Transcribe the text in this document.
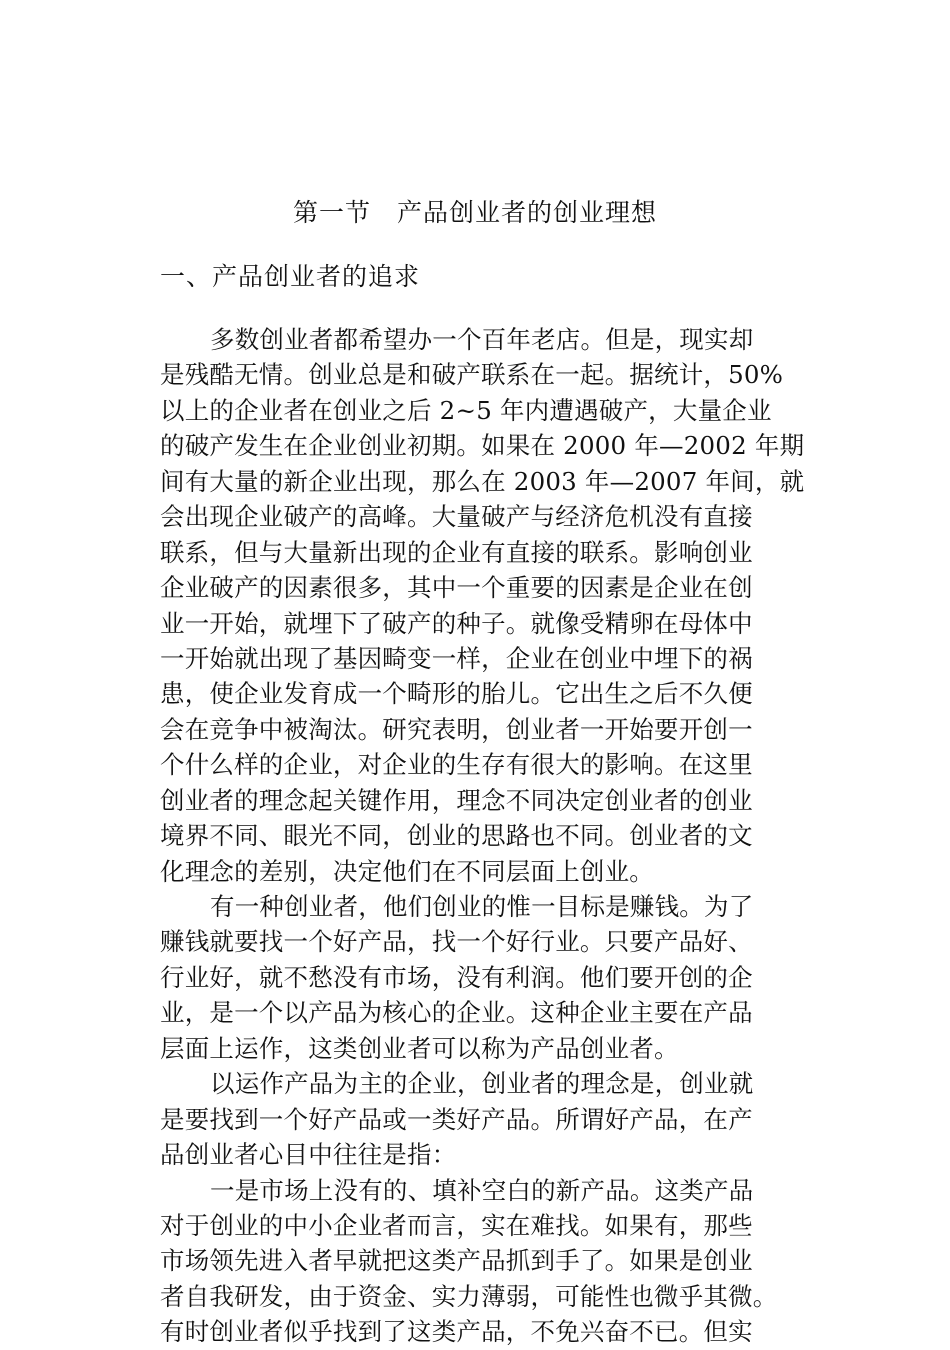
第一节　产品创业者的创业理想
一、产品创业者的追求
多数创业者都希望办一个百年老店。但是，现实却
是残酷无情。创业总是和破产联系在一起。据统计，50%
以上的企业者在创业之后 2~5 年内遭遇破产，大量企业
的破产发生在企业创业初期。如果在 2000 年—2002 年期
间有大量的新企业出现，那么在 2003 年—2007 年间，就
会出现企业破产的高峰。大量破产与经济危机没有直接
联系，但与大量新出现的企业有直接的联系。影响创业
企业破产的因素很多，其中一个重要的因素是企业在创
业一开始，就埋下了破产的种子。就像受精卵在母体中
一开始就出现了基因畸变一样，企业在创业中埋下的祸
患，使企业发育成一个畸形的胎儿。它出生之后不久便
会在竞争中被淘汰。研究表明，创业者一开始要开创一
个什么样的企业，对企业的生存有很大的影响。在这里
创业者的理念起关键作用，理念不同决定创业者的创业
境界不同、眼光不同，创业的思路也不同。创业者的文
化理念的差别，决定他们在不同层面上创业。
有一种创业者，他们创业的惟一目标是赚钱。为了
赚钱就要找一个好产品，找一个好行业。只要产品好、
行业好，就不愁没有市场，没有利润。他们要开创的企
业，是一个以产品为核心的企业。这种企业主要在产品
层面上运作，这类创业者可以称为产品创业者。
以运作产品为主的企业，创业者的理念是，创业就
是要找到一个好产品或一类好产品。所谓好产品，在产
品创业者心目中往往是指：
一是市场上没有的、填补空白的新产品。这类产品
对于创业的中小企业者而言，实在难找。如果有，那些
市场领先进入者早就把这类产品抓到手了。如果是创业
者自我研发，由于资金、实力薄弱，可能性也微乎其微。
有时创业者似乎找到了这类产品，不免兴奋不已。但实
